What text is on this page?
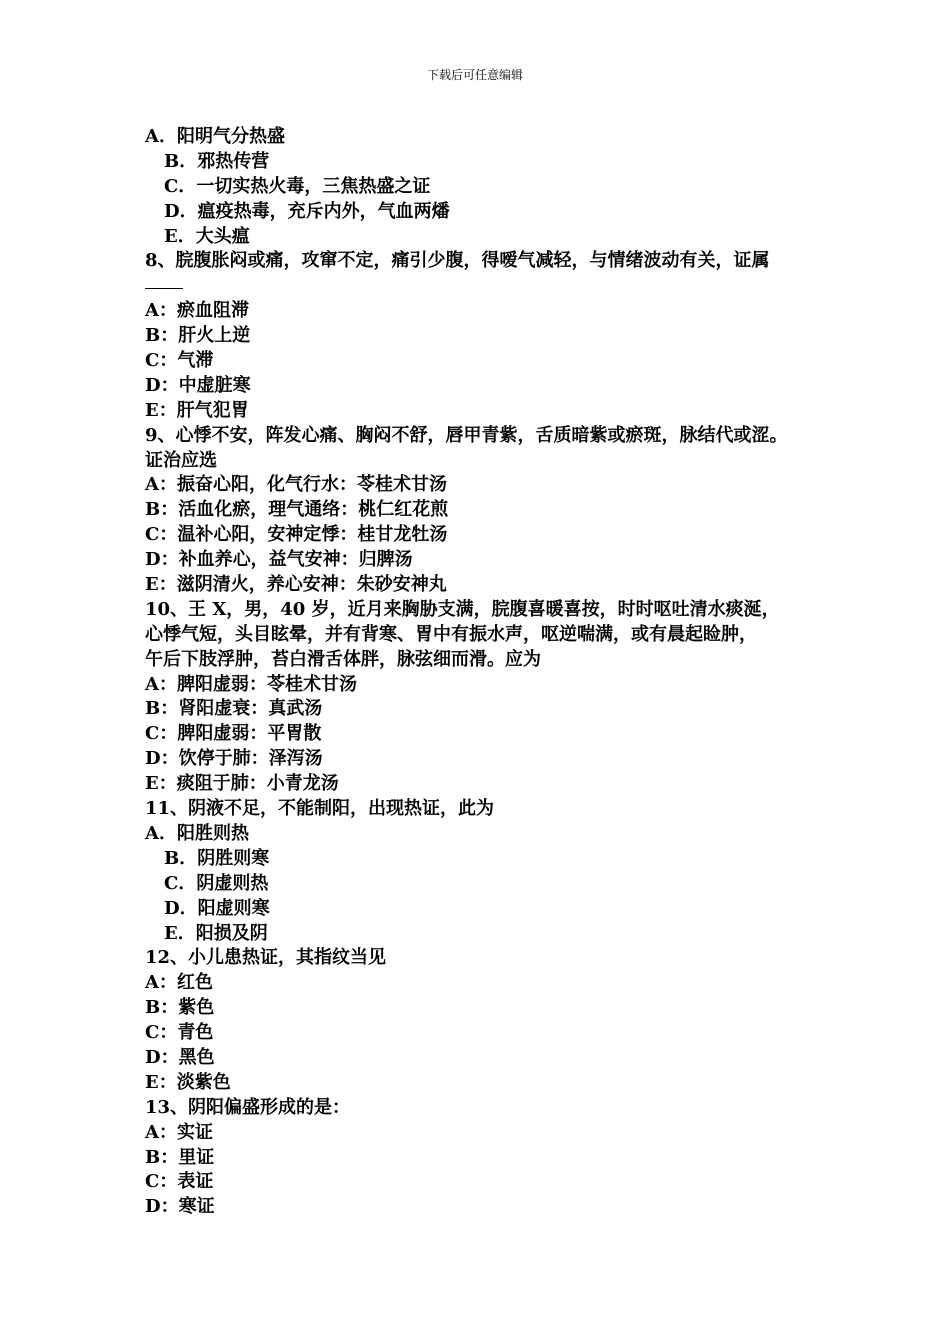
下载后可任意编辑
A．阳明气分热盛
B．邪热传营
C．一切实热火毒，三焦热盛之证
D．瘟疫热毒，充斥内外，气血两燔
E．大头瘟
8、脘腹胀闷或痛，攻窜不定，痛引少腹，得嗳气减轻，与情绪波动有关，证属
A：瘀血阻滞
B：肝火上逆
C：气滞
D：中虚脏寒
E：肝气犯胃
9、心悸不安，阵发心痛、胸闷不舒，唇甲青紫，舌质暗紫或瘀斑，脉结代或涩。
证治应选
A：振奋心阳，化气行水：苓桂术甘汤
B：活血化瘀，理气通络：桃仁红花煎
C：温补心阳，安神定悸：桂甘龙牡汤
D：补血养心，益气安神：归脾汤
E：滋阴清火，养心安神：朱砂安神丸
10、王 X，男，40 岁，近月来胸胁支满，脘腹喜暖喜按，时时呕吐清水痰涎，
心悸气短，头目眩晕，并有背寒、胃中有振水声，呕逆喘满，或有晨起睑肿，
午后下肢浮肿，苔白滑舌体胖，脉弦细而滑。应为
A：脾阳虚弱：苓桂术甘汤
B：肾阳虚衰：真武汤
C：脾阳虚弱：平胃散
D：饮停于肺：泽泻汤
E：痰阻于肺：小青龙汤
11、阴液不足，不能制阳，出现热证，此为
A．阳胜则热
B．阴胜则寒
C．阴虚则热
D．阳虚则寒
E．阳损及阴
12、小儿患热证，其指纹当见
A：红色
B：紫色
C：青色
D：黑色
E：淡紫色
13、阴阳偏盛形成的是：
A：实证
B：里证
C：表证
D：寒证
